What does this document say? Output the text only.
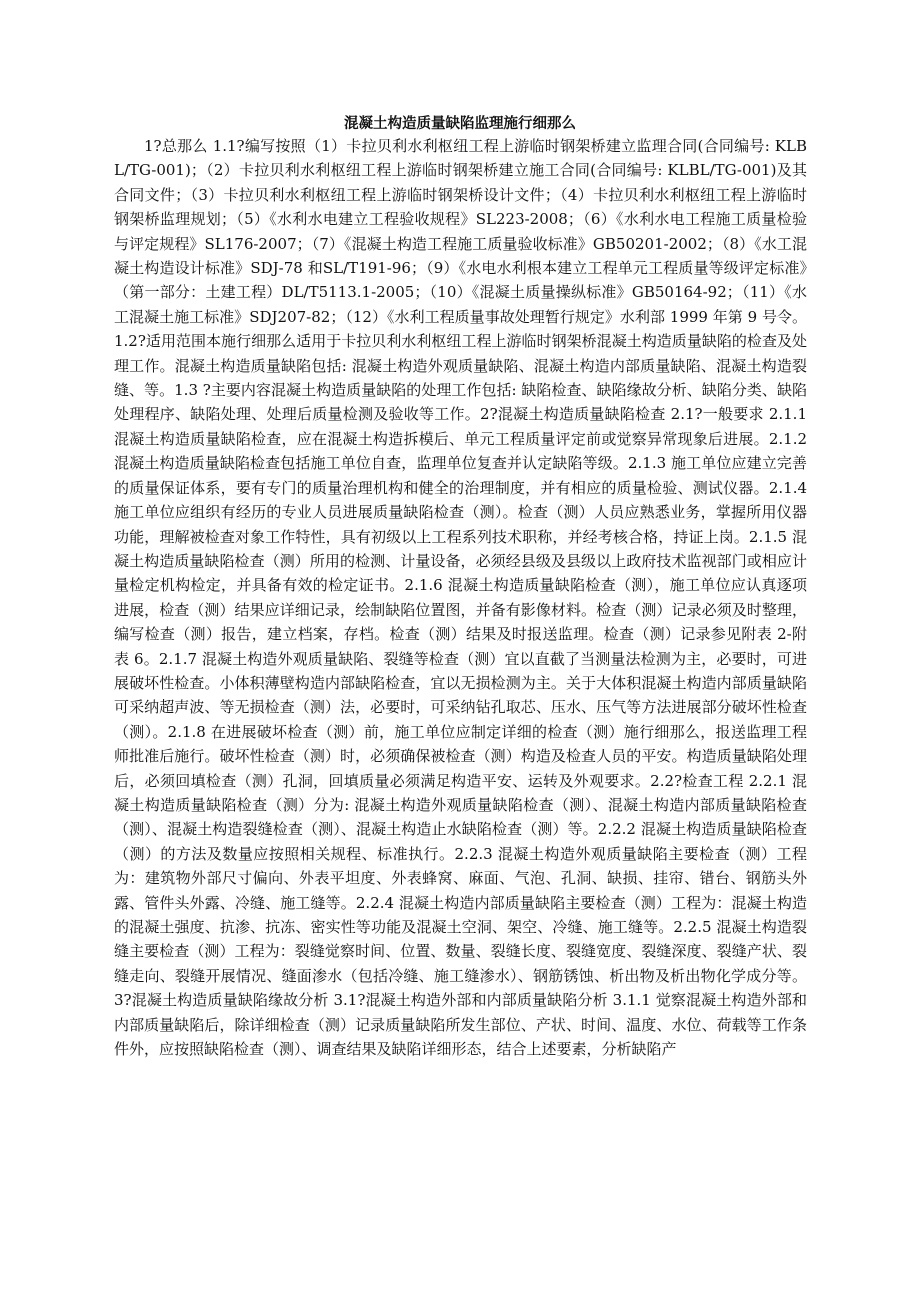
混凝土构造质量缺陷监理施行细那么

1?总那么 1.1?编写按照（1）卡拉贝利水利枢纽工程上游临时钢架桥建立监理合同(合同编号: KLBL/TG-001)；（2）卡拉贝利水利枢纽工程上游临时钢架桥建立施工合同(合同编号: KLBL/TG-001)及其合同文件；（3）卡拉贝利水利枢纽工程上游临时钢架桥设计文件；（4）卡拉贝利水利枢纽工程上游临时钢架桥监理规划；（5）《水利水电建立工程验收规程》SL223-2008；（6）《水利水电工程施工质量检验与评定规程》SL176-2007；（7）《混凝土构造工程施工质量验收标准》GB50201-2002；（8）《水工混凝土构造设计标准》SDJ-78 和SL/T191-96；（9）《水电水利根本建立工程单元工程质量等级评定标准》（第一部分：土建工程）DL/T5113.1-2005；（10）《混凝土质量操纵标准》GB50164-92；（11）《水工混凝土施工标准》SDJ207-82；（12）《水利工程质量事故处理暂行规定》水利部 1999 年第 9 号令。1.2?适用范围本施行细那么适用于卡拉贝利水利枢纽工程上游临时钢架桥混凝土构造质量缺陷的检查及处理工作。混凝土构造质量缺陷包括: 混凝土构造外观质量缺陷、混凝土构造内部质量缺陷、混凝土构造裂缝、等。1.3 ?主要内容混凝土构造质量缺陷的处理工作包括: 缺陷检查、缺陷缘故分析、缺陷分类、缺陷处理程序、缺陷处理、处理后质量检测及验收等工作。2?混凝土构造质量缺陷检查 2.1?一般要求 2.1.1 混凝土构造质量缺陷检查，应在混凝土构造拆模后、单元工程质量评定前或觉察异常现象后进展。2.1.2 混凝土构造质量缺陷检查包括施工单位自查，监理单位复查并认定缺陷等级。2.1.3 施工单位应建立完善的质量保证体系，要有专门的质量治理机构和健全的治理制度，并有相应的质量检验、测试仪器。2.1.4 施工单位应组织有经历的专业人员进展质量缺陷检查（测）。检查（测）人员应熟悉业务，掌握所用仪器功能，理解被检查对象工作特性，具有初级以上工程系列技术职称，并经考核合格，持证上岗。2.1.5 混凝土构造质量缺陷检查（测）所用的检测、计量设备，必须经县级及县级以上政府技术监视部门或相应计量检定机构检定，并具备有效的检定证书。2.1.6 混凝土构造质量缺陷检查（测），施工单位应认真逐项进展，检查（测）结果应详细记录，绘制缺陷位置图，并备有影像材料。检查（测）记录必须及时整理，编写检查（测）报告，建立档案，存档。检查（测）结果及时报送监理。检查（测）记录参见附表 2-附表 6。2.1.7 混凝土构造外观质量缺陷、裂缝等检查（测）宜以直截了当测量法检测为主，必要时，可进展破坏性检查。小体积薄壁构造内部缺陷检查，宜以无损检测为主。关于大体积混凝土构造内部质量缺陷可采纳超声波、等无损检查（测）法，必要时，可采纳钻孔取芯、压水、压气等方法进展部分破坏性检查（测）。2.1.8 在进展破坏检查（测）前，施工单位应制定详细的检查（测）施行细那么，报送监理工程师批准后施行。破坏性检查（测）时，必须确保被检查（测）构造及检查人员的平安。构造质量缺陷处理后，必须回填检查（测）孔洞，回填质量必须满足构造平安、运转及外观要求。2.2?检查工程 2.2.1 混凝土构造质量缺陷检查（测）分为: 混凝土构造外观质量缺陷检查（测）、混凝土构造内部质量缺陷检查（测）、混凝土构造裂缝检查（测）、混凝土构造止水缺陷检查（测）等。2.2.2 混凝土构造质量缺陷检查（测）的方法及数量应按照相关规程、标准执行。2.2.3 混凝土构造外观质量缺陷主要检查（测）工程为：建筑物外部尺寸偏向、外表平坦度、外表蜂窝、麻面、气泡、孔洞、缺损、挂帘、错台、钢筋头外露、管件头外露、冷缝、施工缝等。2.2.4 混凝土构造内部质量缺陷主要检查（测）工程为：混凝土构造的混凝土强度、抗渗、抗冻、密实性等功能及混凝土空洞、架空、冷缝、施工缝等。2.2.5 混凝土构造裂缝主要检查（测）工程为：裂缝觉察时间、位置、数量、裂缝长度、裂缝宽度、裂缝深度、裂缝产状、裂缝走向、裂缝开展情况、缝面渗水（包括冷缝、施工缝渗水）、钢筋锈蚀、析出物及析出物化学成分等。3?混凝土构造质量缺陷缘故分析 3.1?混凝土构造外部和内部质量缺陷分析 3.1.1 觉察混凝土构造外部和内部质量缺陷后，除详细检查（测）记录质量缺陷所发生部位、产状、时间、温度、水位、荷载等工作条件外，应按照缺陷检查（测）、调查结果及缺陷详细形态，结合上述要素，分析缺陷产
